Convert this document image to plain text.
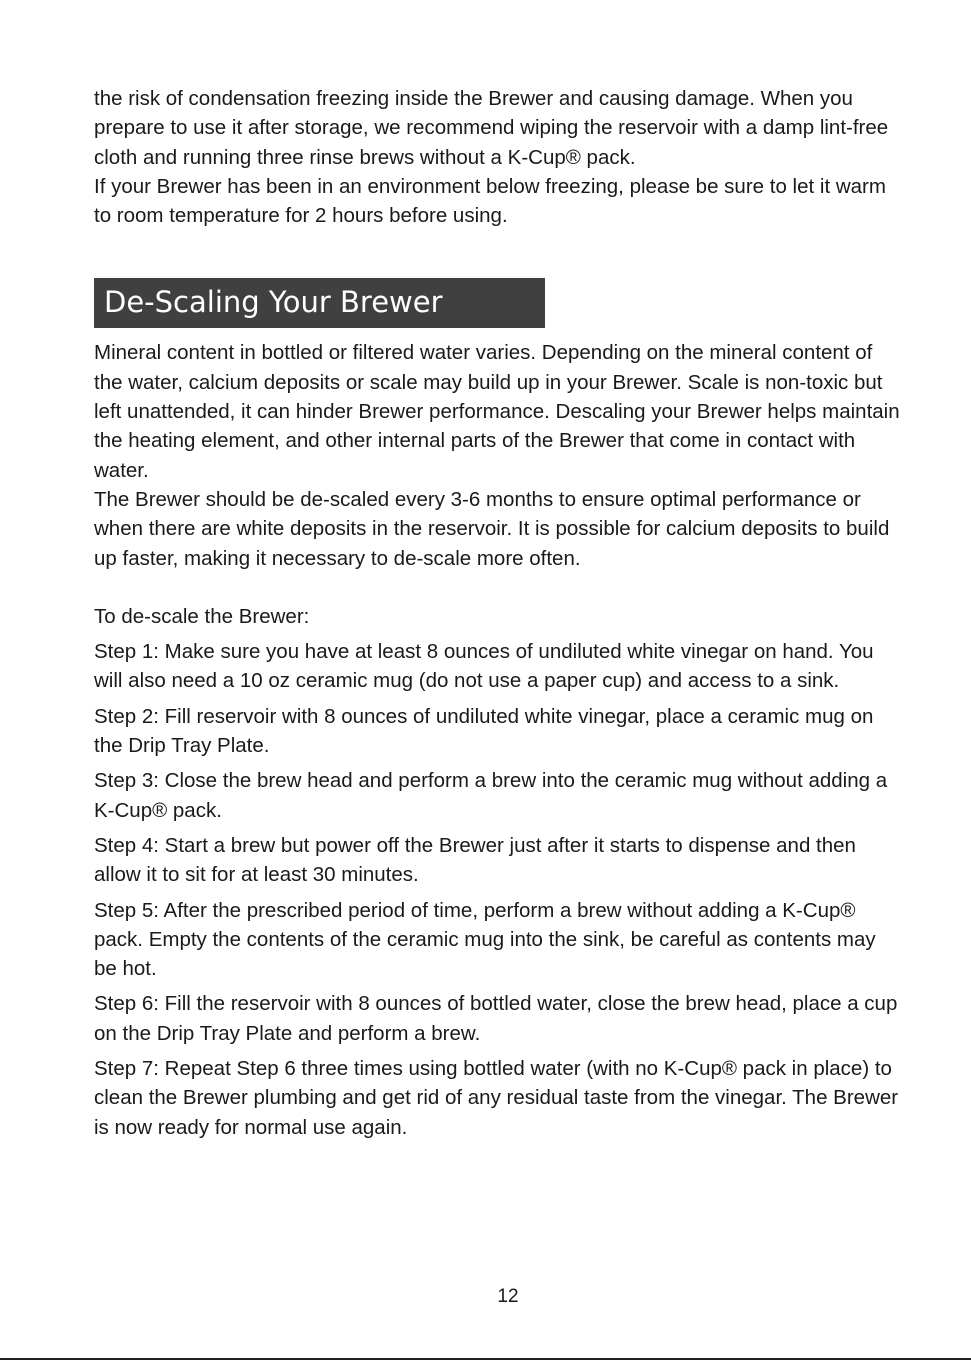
the risk of condensation freezing inside the Brewer and causing damage. When you prepare to use it after storage, we recommend wiping the reservoir with a damp lint-free cloth and running three rinse brews without a K-Cup® pack.

If your Brewer has been in an environment below freezing, please be sure to let it warm to room temperature for 2 hours before using.

De-Scaling Your Brewer

Mineral content in bottled or filtered water varies. Depending on the mineral content of the water, calcium deposits or scale may build up in your Brewer. Scale is non-toxic but left unattended, it can hinder Brewer performance. Descaling your Brewer helps maintain the heating element, and other internal parts of the Brewer that come in contact with water.

The Brewer should be de-scaled every 3-6 months to ensure optimal performance or when there are white deposits in the reservoir. It is possible for calcium deposits to build up faster, making it necessary to de-scale more often.

To de-scale the Brewer:

Step 1: Make sure you have at least 8 ounces of undiluted white vinegar on hand. You will also need a 10 oz ceramic mug (do not use a paper cup) and access to a sink.

Step 2: Fill reservoir with 8 ounces of undiluted white vinegar, place a ceramic mug on the Drip Tray Plate.

Step 3: Close the brew head and perform a brew into the ceramic mug without adding a K-Cup® pack.

Step 4: Start a brew but power off the Brewer just after it starts to dispense and then allow it to sit for at least 30 minutes.

Step 5: After the prescribed period of time, perform a brew without adding a K-Cup® pack. Empty the contents of the ceramic mug into the sink, be careful as contents may be hot.

Step 6: Fill the reservoir with 8 ounces of bottled water, close the brew head, place a cup on the Drip Tray Plate and perform a brew.

Step 7: Repeat Step 6 three times using bottled water (with no K-Cup® pack in place) to clean the Brewer plumbing and get rid of any residual taste from the vinegar. The Brewer is now ready for normal use again.

12
